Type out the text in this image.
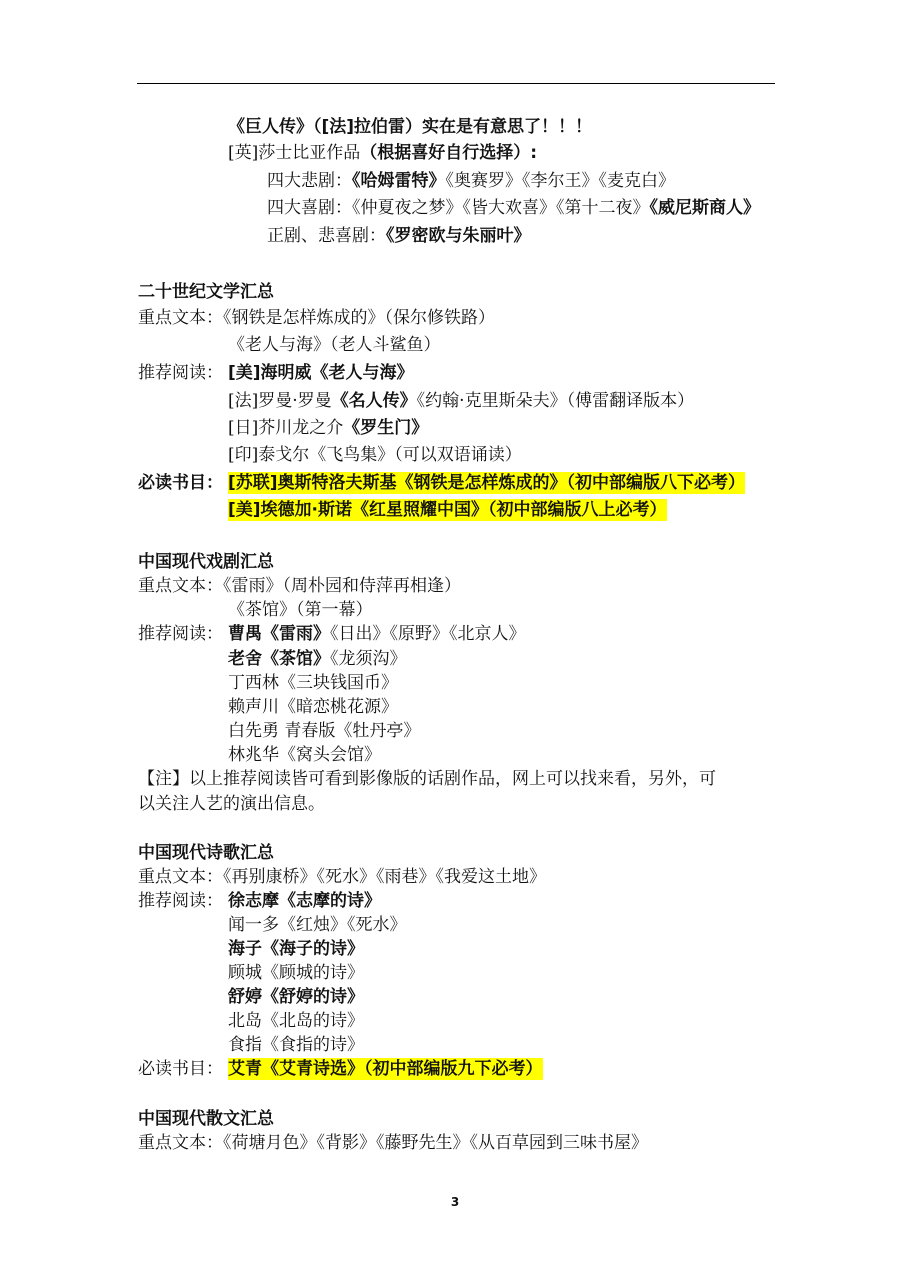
《巨人传》（[法]拉伯雷）实在是有意思了！！！
[英]莎士比亚作品（根据喜好自行选择）:
四大悲剧：《哈姆雷特》《奥赛罗》《李尔王》《麦克白》
四大喜剧：《仲夏夜之梦》《皆大欢喜》《第十二夜》《威尼斯商人》
正剧、悲喜剧：《罗密欧与朱丽叶》
二十世纪文学汇总
重点文本：《钢铁是怎样炼成的》（保尔修铁路）
《老人与海》（老人斗鲨鱼）
推荐阅读： [美]海明威《老人与海》
[法]罗曼·罗曼《名人传》《约翰·克里斯朵夫》（傅雷翻译版本）
[日]芥川龙之介《罗生门》
[印]泰戈尔《飞鸟集》（可以双语诵读）
必读书目： [苏联]奥斯特洛夫斯基《钢铁是怎样炼成的》（初中部编版八下必考）
[美]埃德加·斯诺《红星照耀中国》（初中部编版八上必考）
中国现代戏剧汇总
重点文本：《雷雨》（周朴园和侍萍再相逢）
《茶馆》（第一幕）
推荐阅读： 曹禺《雷雨》《日出》《原野》《北京人》
老舍《茶馆》《龙须沟》
丁西林《三块钱国币》
赖声川《暗恋桃花源》
白先勇 青春版《牡丹亭》
林兆华《窝头会馆》
【注】以上推荐阅读皆可看到影像版的话剧作品，网上可以找来看，另外，可
以关注人艺的演出信息。
中国现代诗歌汇总
重点文本：《再别康桥》《死水》《雨巷》《我爱这土地》
推荐阅读： 徐志摩《志摩的诗》
闻一多《红烛》《死水》
海子《海子的诗》
顾城《顾城的诗》
舒婷《舒婷的诗》
北岛《北岛的诗》
食指《食指的诗》
必读书目： 艾青《艾青诗选》（初中部编版九下必考）
中国现代散文汇总
重点文本：《荷塘月色》《背影》《藤野先生》《从百草园到三味书屋》
3
